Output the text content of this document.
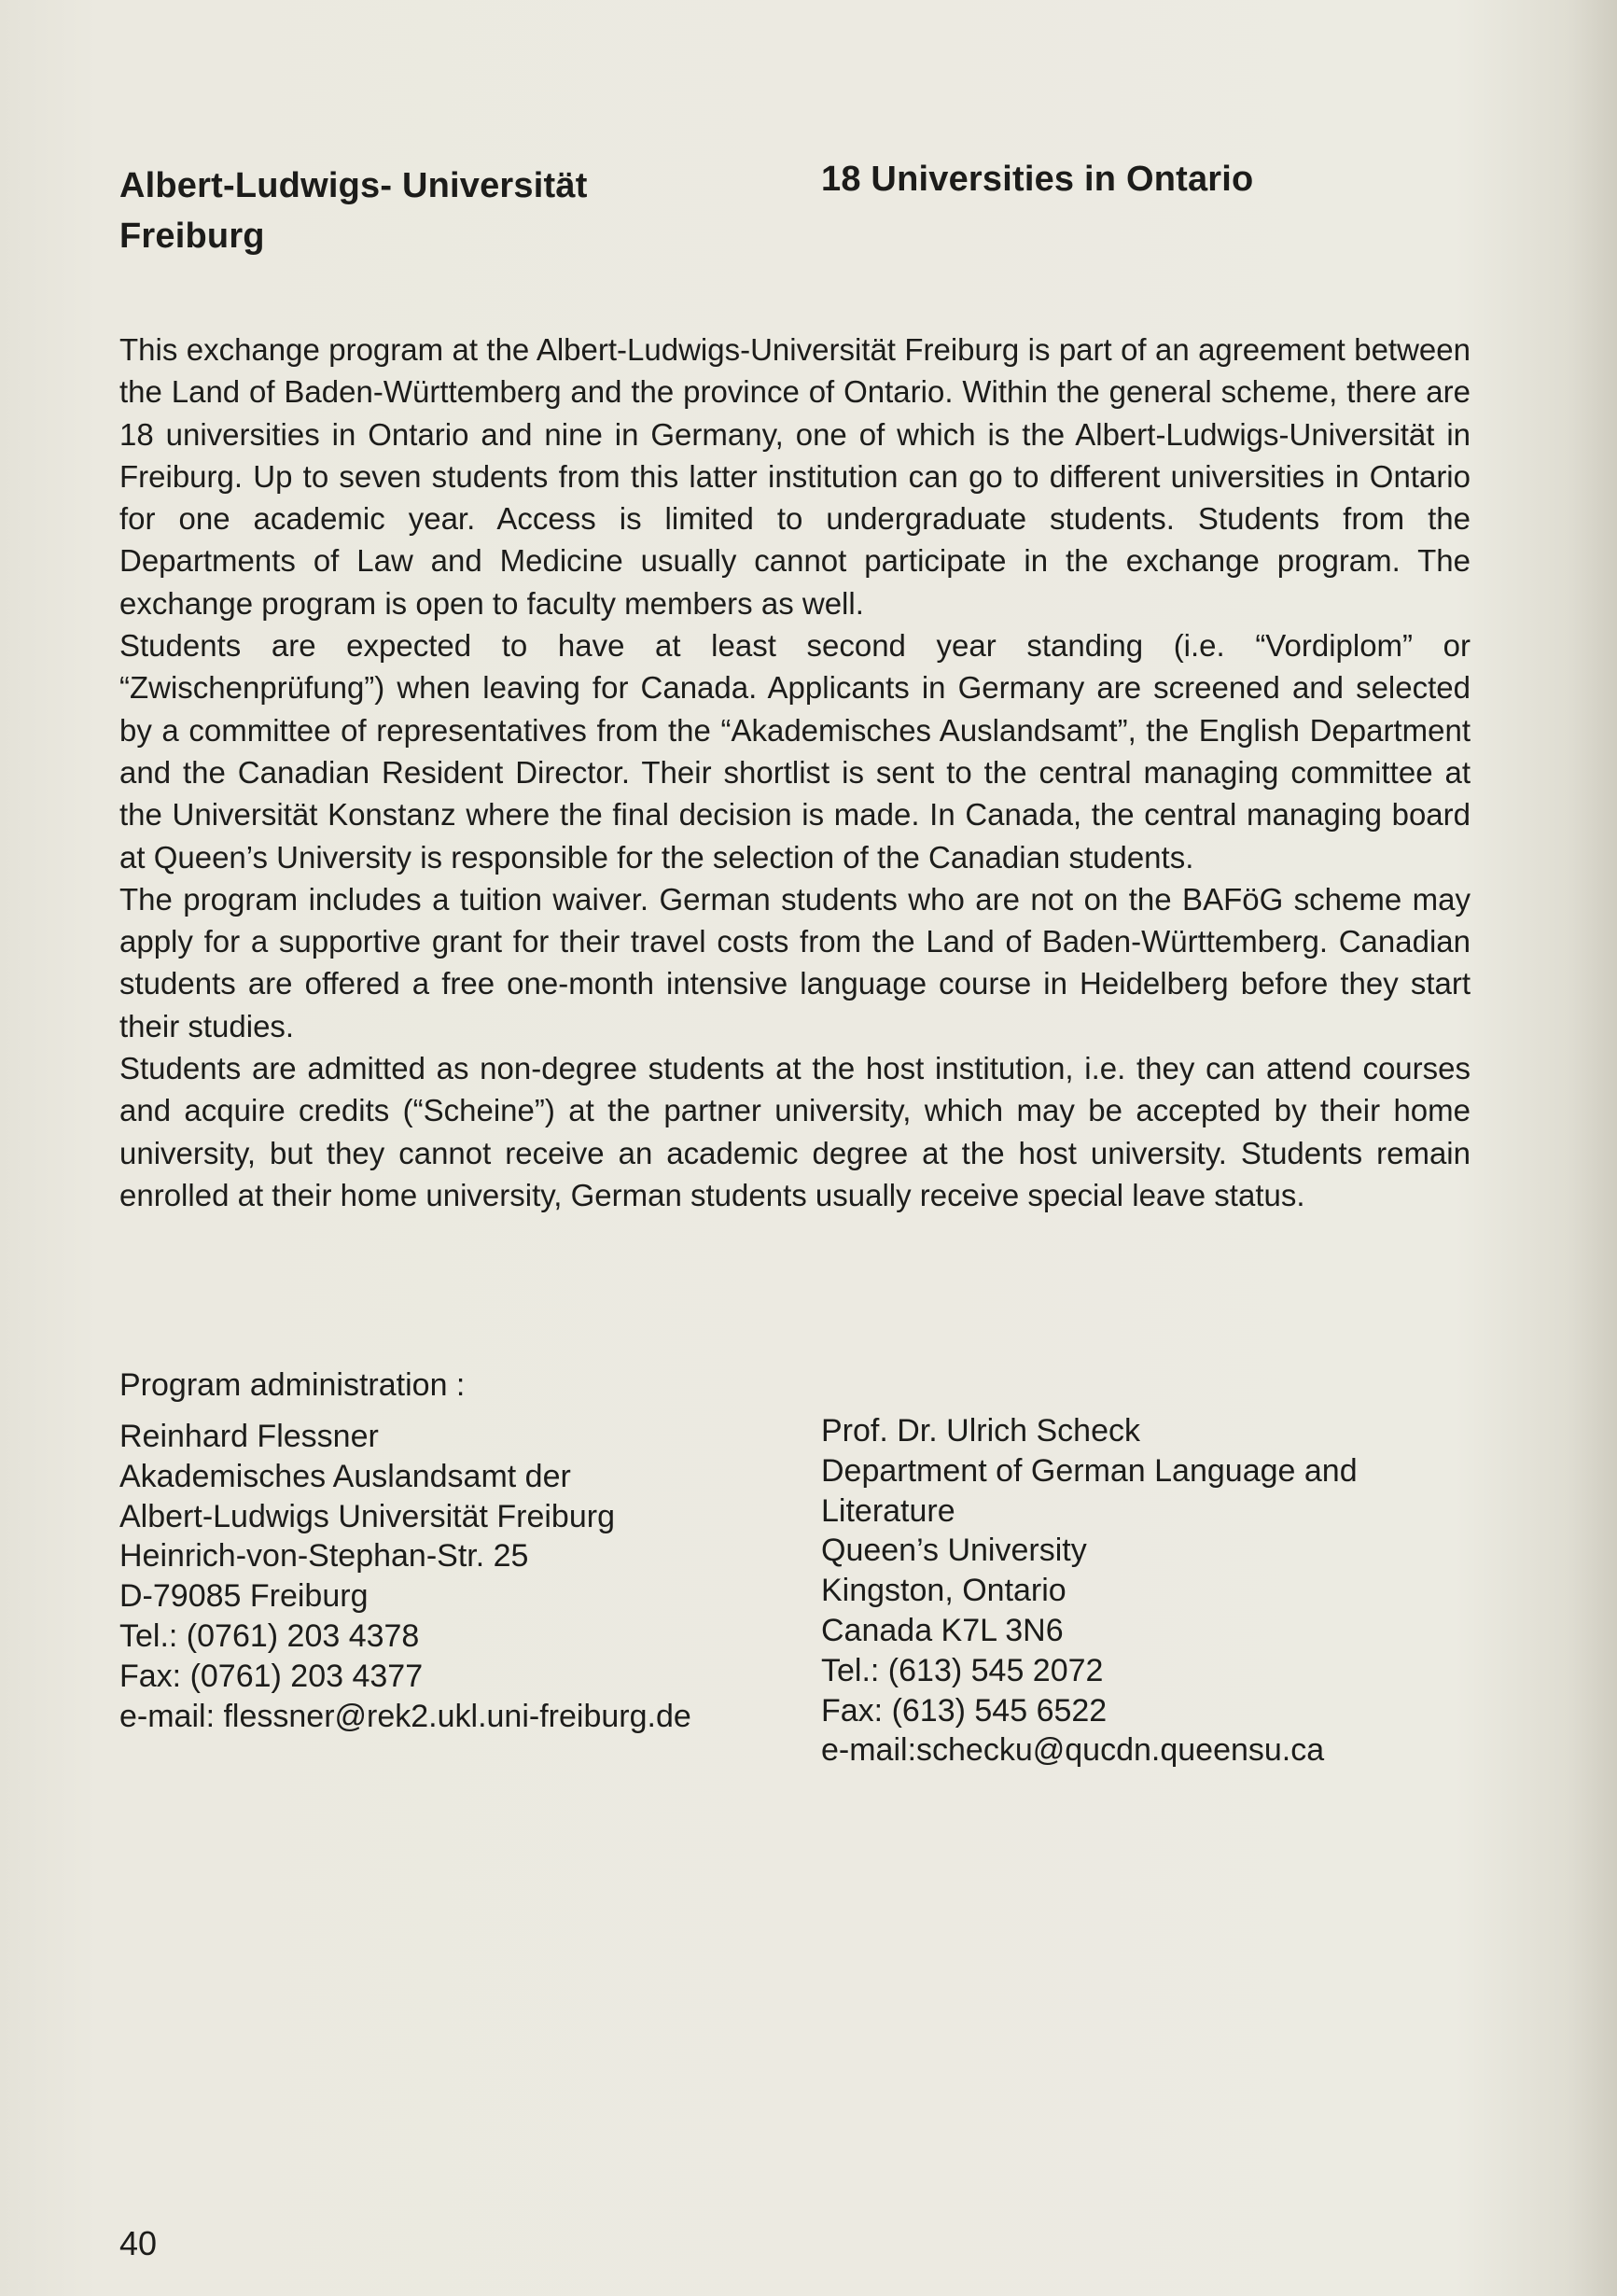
Albert-Ludwigs- Universität
Freiburg
18 Universities in Ontario

This exchange program at the Albert-Ludwigs-Universität Freiburg is part of an agreement between the Land of Baden-Württemberg and the province of Ontario. Within the general scheme, there are 18 universities in Ontario and nine in Germany, one of which is the Albert-Ludwigs-Universität in Freiburg. Up to seven students from this latter institution can go to different universities in Ontario for one academic year. Access is limited to undergraduate students. Students from the Departments of Law and Medicine usually cannot participate in the exchange program. The exchange program is open to faculty members as well.

Students are expected to have at least second year standing (i.e. “Vordiplom” or “Zwischenprüfung”) when leaving for Canada. Applicants in Germany are screened and selected by a committee of representatives from the “Akademisches Auslandsamt”, the English Department and the Canadian Resident Director. Their shortlist is sent to the central managing committee at the Universität Konstanz where the final decision is made. In Canada, the central managing board at Queen’s University is responsible for the selection of the Canadian students.

The program includes a tuition waiver. German students who are not on the BAFöG scheme may apply for a supportive grant for their travel costs from the Land of Baden-Württemberg. Canadian students are offered a free one-month intensive language course in Heidelberg before they start their studies.

Students are admitted as non-degree students at the host institution, i.e. they can attend courses and acquire credits (“Scheine”) at the partner university, which may be accepted by their home university, but they cannot receive an academic degree at the host university. Students remain enrolled at their home university, German students usually receive special leave status.

Program administration :
Reinhard Flessner
Akademisches Auslandsamt der
Albert-Ludwigs Universität Freiburg
Heinrich-von-Stephan-Str. 25
D-79085 Freiburg
Tel.: (0761) 203 4378
Fax: (0761) 203 4377
e-mail: flessner@rek2.ukl.uni-freiburg.de
Prof. Dr. Ulrich Scheck
Department of German Language and
Literature
Queen’s University
Kingston, Ontario
Canada K7L 3N6
Tel.: (613) 545 2072
Fax: (613) 545 6522
e-mail:schecku@qucdn.queensu.ca
40
